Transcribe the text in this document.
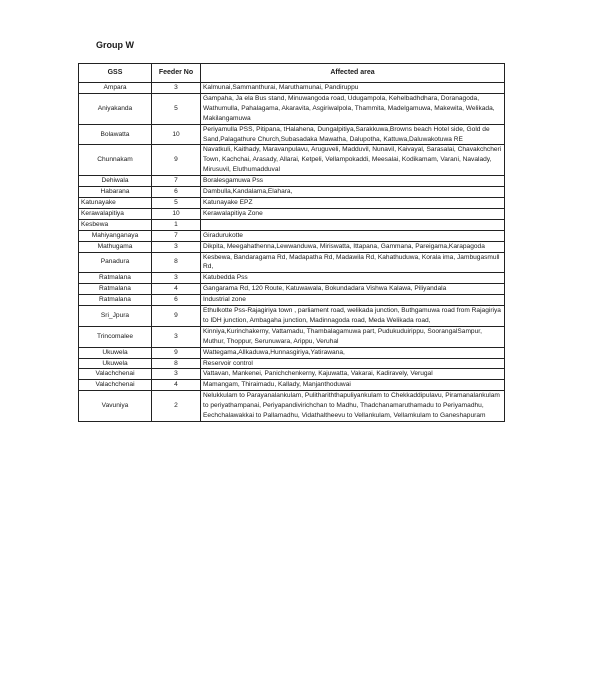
Group W
GSS	Feeder No	Affected area
Ampara	3	Kalmunai,Sammanthurai, Maruthamunai, Pandiruppu
Aniyakanda	5	Gampaha, Ja ela Bus stand, Minuwangoda road, Udugampola, Kehelbadhdhara, Doranagoda, Wathumulla, Pahalagama, Akaravita, Asgiriwalpola, Thammita, Madelgamuwa, Makewita, Welikada, Makilangamuwa
Bolawatta	10	Periyamulla PSS, Pitipana, tHalahena, Dungalpitiya,Sarakkuwa,Browns beach Hotel side, Gold de Sand,Palagathure Church,Subasadaka Mawatha, Dalupotha, Kattuwa,Daluwakotuwa RE
Chunnakam	9	Navatkuli, Kaithady, Maravanpulavu, Aruguveli, Madduvil, Nunavil, Kaivayal, Sarasalai, Chavakchcheri Town, Kachchai, Arasady, Allarai, Ketpeli, Vellampokaddi, Meesalai, Kodikamam, Varani, Navalady, Mirusuvil, Eluthumadduval
Dehiwala	7	Boralesgamuwa Pss
Habarana	6	Dambulla,Kandalama,Elahara,
Katunayake	5	Katunayake EPZ
Kerawalapitiya	10	Kerawalapitiya Zone
Kesbewa	1	
Mahiyanganaya	7	Giradurukotte
Mathugama	3	Dikpita, Meegahathenna,Lewwanduwa, Miriswatta, Ittapana, Gammana, Pareigama,Karapagoda
Panadura	8	Kesbewa, Bandaragama Rd, Madapatha Rd, Madawila Rd, Kahathuduwa, Korala ima, Jambugasmull Rd,
Ratmalana	3	Katubedda Pss
Ratmalana	4	Gangarama Rd, 120 Route, Katuwawala, Bokundadara Vishwa Kalawa, Piliyandala
Ratmalana	6	Industrial zone
Sri_Jpura	9	Ethulkotte Pss-Rajagiriya town , parliament road, welikada junction, Buthgamuwa road from Rajagiriya to IDH junction, Ambagaha junction, Madinnagoda road, Meda Welikada road,
Trincomalee	3	Kinniya,Kurinchakerny, Vattamadu, Thambalagamuwa part, Pudukuduirippu, SoorangalSampur, Muthur, Thoppur, Serunuwara, Arippu, Veruhal
Ukuwela	9	Wattegama,Allkaduwa,Hunnasgiriya,Yatirawana,
Ukuwela	8	Reservoir control
Valachchenai	3	Vattavan, Mankenei, Panichchenkerny, Kajuwatta, Vakarai, Kadiravely, Verugal
Valachchenai	4	Mamangam, Thiraimadu, Kallady, Manjanthoduwai
Vavuniya	2	Nelukkulam to Parayanalankulam, Pulithariththapuliyankulam to Chekkaddipulavu, Piramanalankulam to periyathampanai, Periyapandivirichchan to Madhu, Thadchanamaruthamadu to Periyamadhu, Eechchalawakkai to Pallamadhu, Vidathaltheevu to Vellankulam, Vellamkulam to Ganeshapuram
